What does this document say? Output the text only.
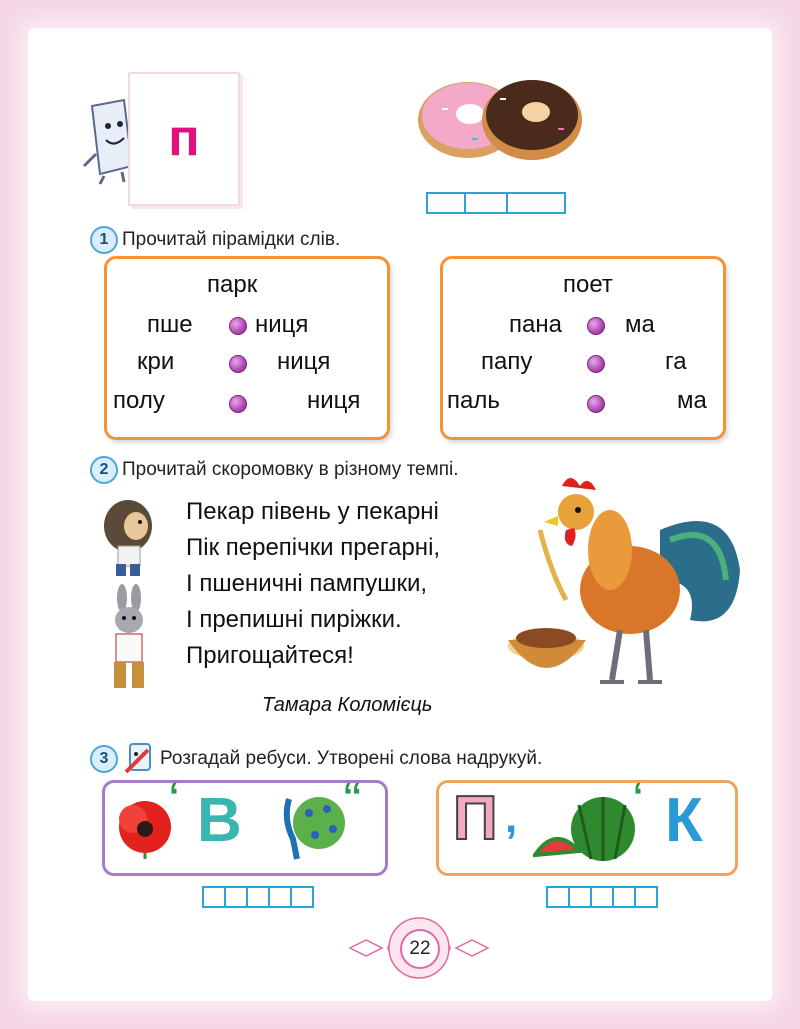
п
1 Прочитай пірамідки слів.
парк
пше	ниця
кри	ниця
полу	ниця
поет
пана	ма
папу	га
паль	ма
2 Прочитай скоромовку в різному темпі.
Пекар півень у пекарні
Пік перепічки прегарні,
І пшеничні пампушки,
І препишні пиріжки.
Пригощайтеся!
Тамара Коломієць
3	Розгадай ребуси. Утворені слова надрукуй.
‘ В	‘‘ П ,	‘ К
22
